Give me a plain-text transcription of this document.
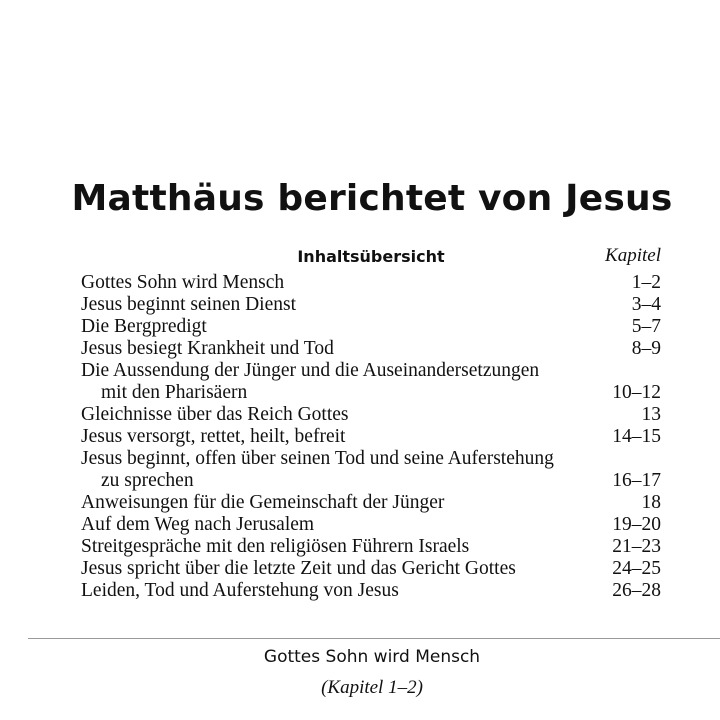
Matthäus berichtet von Jesus
Inhaltsübersicht	Kapitel
Gottes Sohn wird Mensch	1–2
Jesus beginnt seinen Dienst	3–4
Die Bergpredigt	5–7
Jesus besiegt Krankheit und Tod	8–9
Die Aussendung der Jünger und die Auseinandersetzungen
mit den Pharisäern	10–12
Gleichnisse über das Reich Gottes	13
Jesus versorgt, rettet, heilt, befreit	14–15
Jesus beginnt, offen über seinen Tod und seine Auferstehung
zu sprechen	16–17
Anweisungen für die Gemeinschaft der Jünger	18
Auf dem Weg nach Jerusalem	19–20
Streitgespräche mit den religiösen Führern Israels	21–23
Jesus spricht über die letzte Zeit und das Gericht Gottes	24–25
Leiden, Tod und Auferstehung von Jesus	26–28
Gottes Sohn wird Mensch
(Kapitel 1–2)
